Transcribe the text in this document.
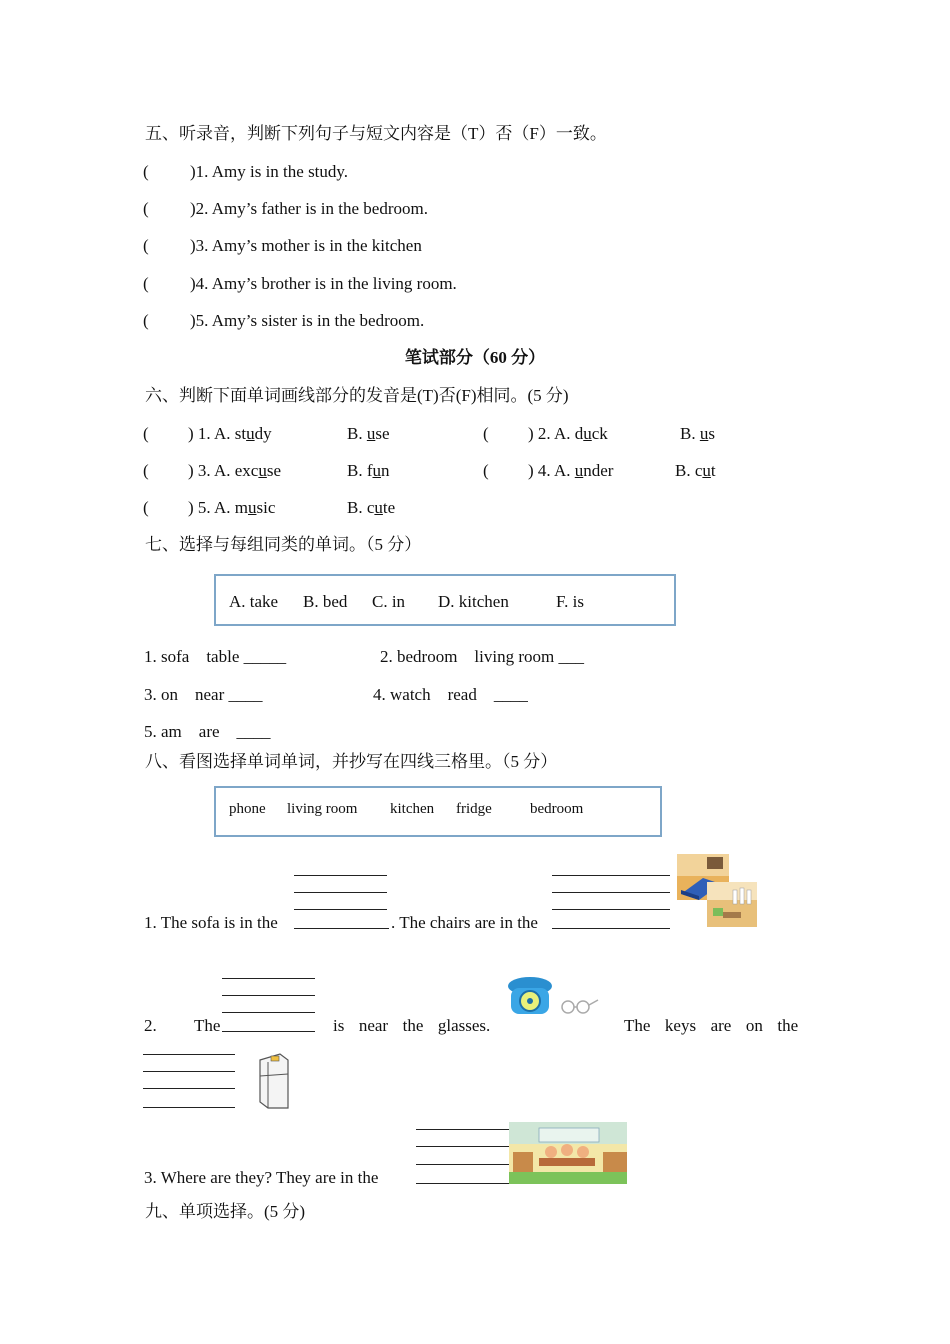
五、听录音，判断下列句子与短文内容是（T）否（F）一致。
( )1. Amy is in the study.
( )2. Amy’s father is in the bedroom.
( )3. Amy’s mother is in the kitchen
( )4. Amy’s brother is in the living room.
( )5. Amy’s sister is in the bedroom.
笔试部分（60 分）
六、判断下面单词画线部分的发音是(T)否(F)相同。(5 分)
( ) 1. A. study	B. use	( ) 2. A. duck	B. us
( ) 3. A. excuse	B. fun	( ) 4. A. under	B. cut
( ) 5. A. music	B. cute
七、选择与每组同类的单词。（5 分）
A. take B. bed C. in D. kitchen	F. is
1. sofa    table _____	2. bedroom    living room ___
3. on    near ____	4. watch    read ____
5. am    are ____
八、看图选择单词单词，并抄写在四线三格里。（5 分）
phone living room kitchen fridge	bedroom
1. The sofa is in the	. The chairs are in the
2. The	is  near  the  glasses.	The  keys  are  on  the
3. Where are they? They are in the
九、单项选择。(5 分)
